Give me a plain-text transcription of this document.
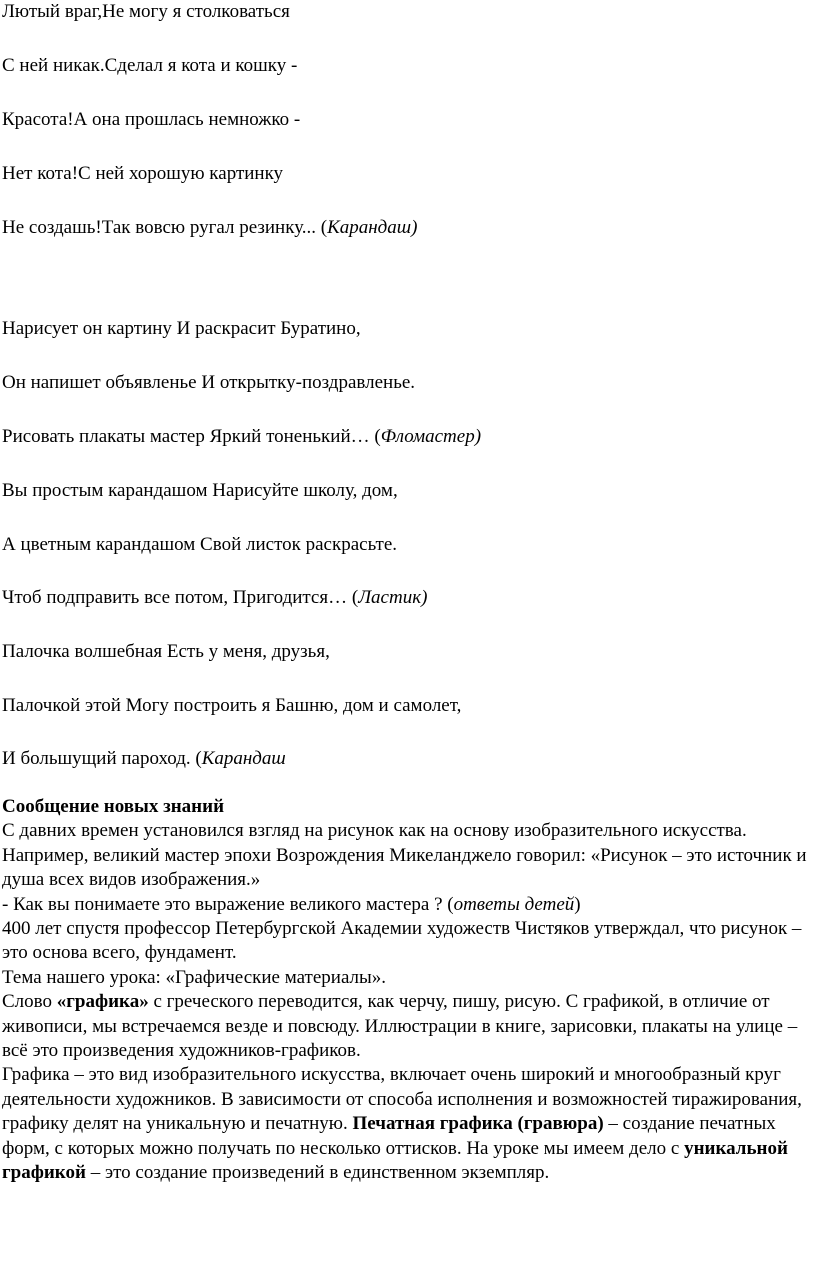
Лютый враг,Не могу я столковаться
С ней никак.Сделал я кота и кошку -
Красота!А она прошлась немножко -
Нет кота!С ней хорошую картинку
Не создашь!Так вовсю ругал резинку... (Карандаш)
Нарисует он картину И раскрасит Буратино,
Он напишет объявленье И открытку-поздравленье.
Рисовать плакаты мастер Яркий тоненький… (Фломастер)
Вы простым карандашом Нарисуйте школу, дом,
А цветным карандашом Свой листок раскрасьте.
Чтоб подправить все потом, Пригодится… (Ластик)
Палочка волшебная Есть у меня, друзья,
Палочкой этой Могу построить я Башню, дом и самолет,
И большущий пароход. (Карандаш

Сообщение новых знаний

С давних времен установился взгляд на рисунок как на основу изобразительного искусства. Например, великий мастер эпохи Возрождения Микеланджело говорил: «Рисунок – это источник и душа всех видов изображения.»

- Как вы понимаете это выражение великого мастера ? (ответы детей)

400 лет спустя профессор Петербургской Академии художеств Чистяков утверждал, что рисунок – это основа всего, фундамент.

Тема нашего урока: «Графические материалы».

Слово «графика» с греческого переводится, как черчу, пишу, рисую. С графикой, в отличие от живописи, мы встречаемся везде и повсюду. Иллюстрации в книге, зарисовки, плакаты на улице – всё это произведения художников-графиков.

Графика – это вид изобразительного искусства, включает очень широкий и многообразный круг деятельности художников. В зависимости от способа исполнения и возможностей тиражирования, графику делят на уникальную и печатную. Печатная графика (гравюра) – создание печатных форм, с которых можно получать по несколько оттисков. На уроке мы имеем дело с уникальной графикой – это создание произведений в единственном экземпляр.
